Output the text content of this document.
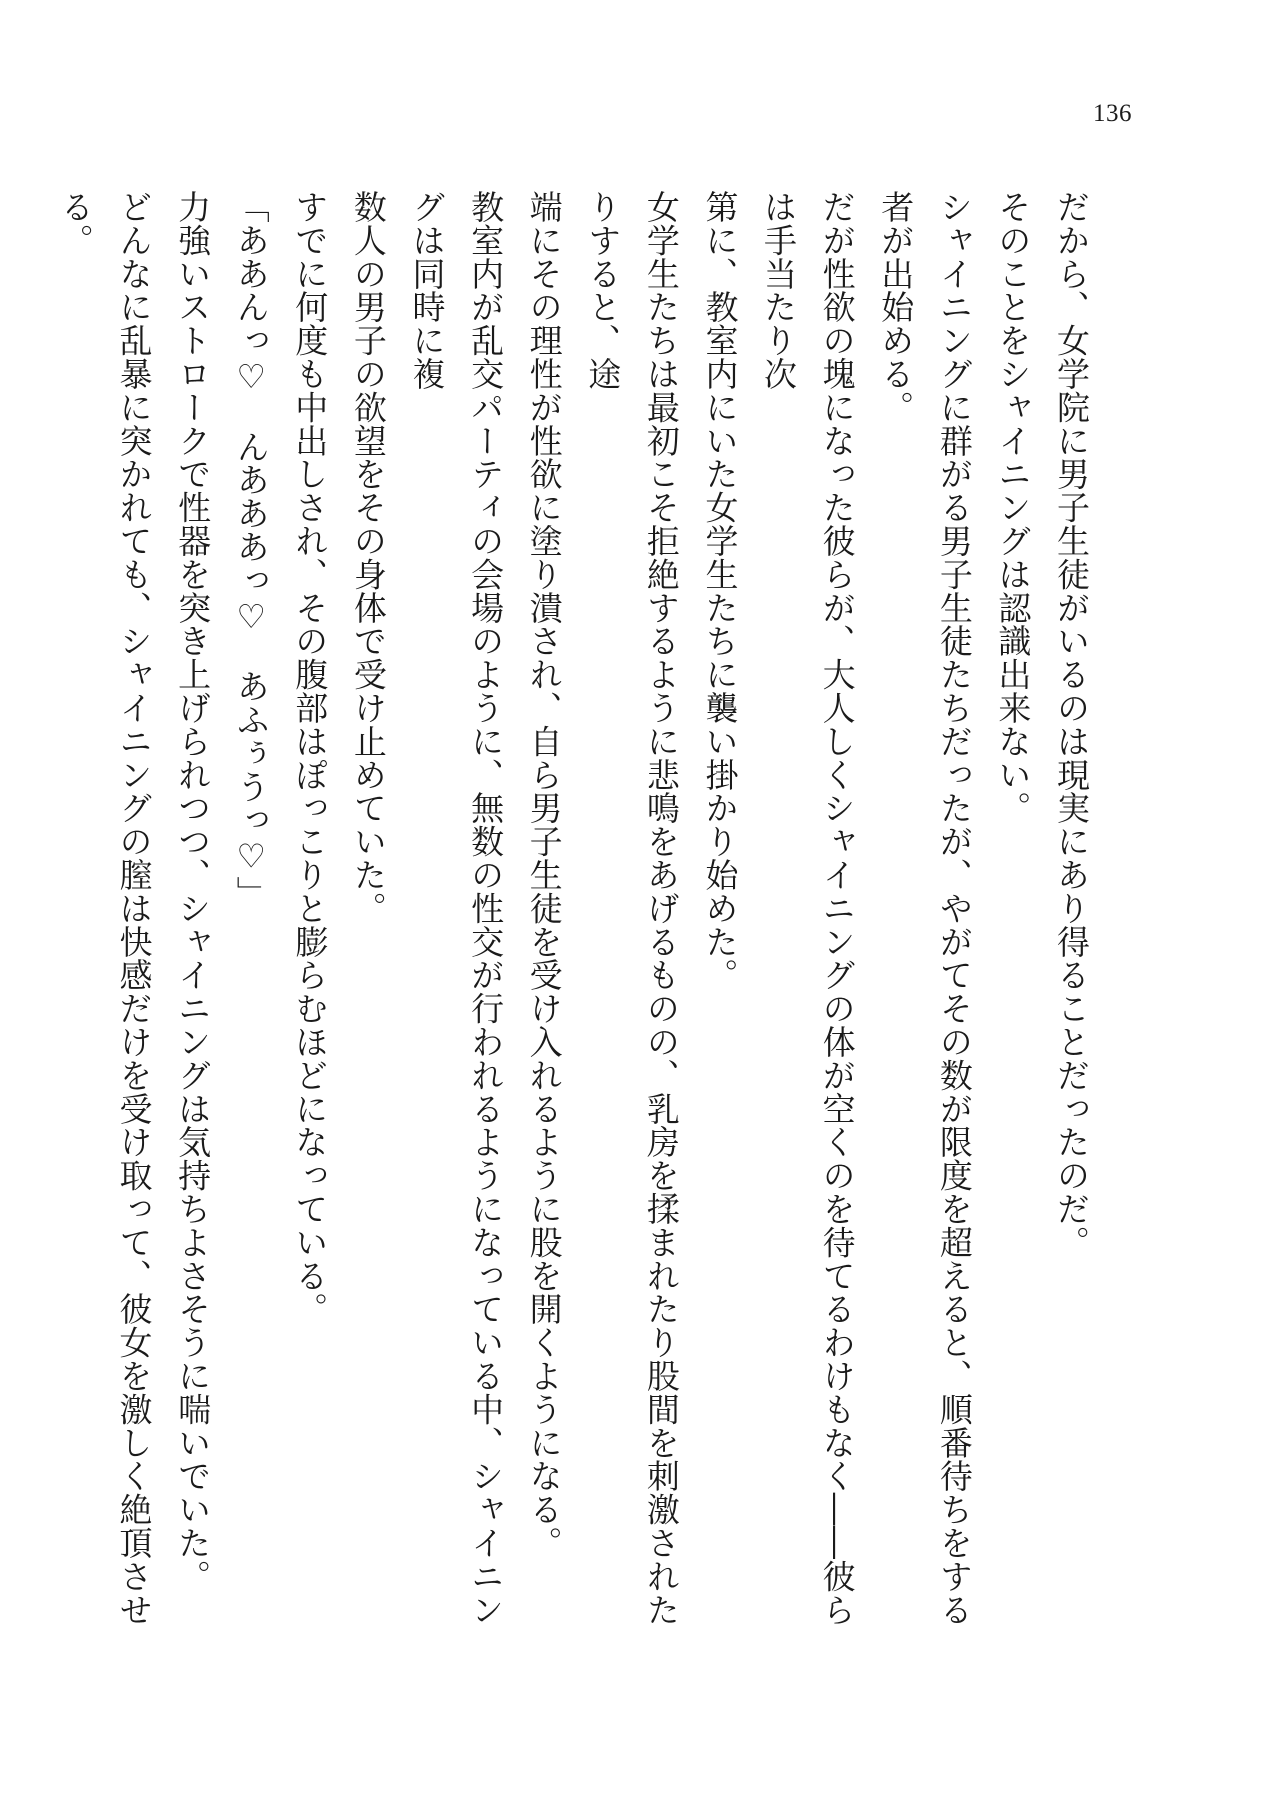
136

だから、女学院に男子生徒がいるのは現実にあり得ることだったのだ。

そのことをシャイニングは認識出来ない。

シャイニングに群がる男子生徒たちだったが、やがてその数が限度を超えると、順番待ちをする者が出始める。

だが性欲の塊になった彼らが、大人しくシャイニングの体が空くのを待てるわけもなく――彼らは手当たり次

第に、教室内にいた女学生たちに襲い掛かり始めた。

女学生たちは最初こそ拒絶するように悲鳴をあげるものの、乳房を揉まれたり股間を刺激されたりすると、途

端にその理性が性欲に塗り潰され、自ら男子生徒を受け入れるように股を開くようになる。

教室内が乱交パーティの会場のように、無数の性交が行われるようになっている中、シャイニングは同時に複

数人の男子の欲望をその身体で受け止めていた。

すでに何度も中出しされ、その腹部はぽっこりと膨らむほどになっている。

「ああんっ♡　んあああっ♡　あふぅうっ♡」

力強いストロークで性器を突き上げられつつ、シャイニングは気持ちよさそうに喘いでいた。

どんなに乱暴に突かれても、シャイニングの膣は快感だけを受け取って、彼女を激しく絶頂させる。
